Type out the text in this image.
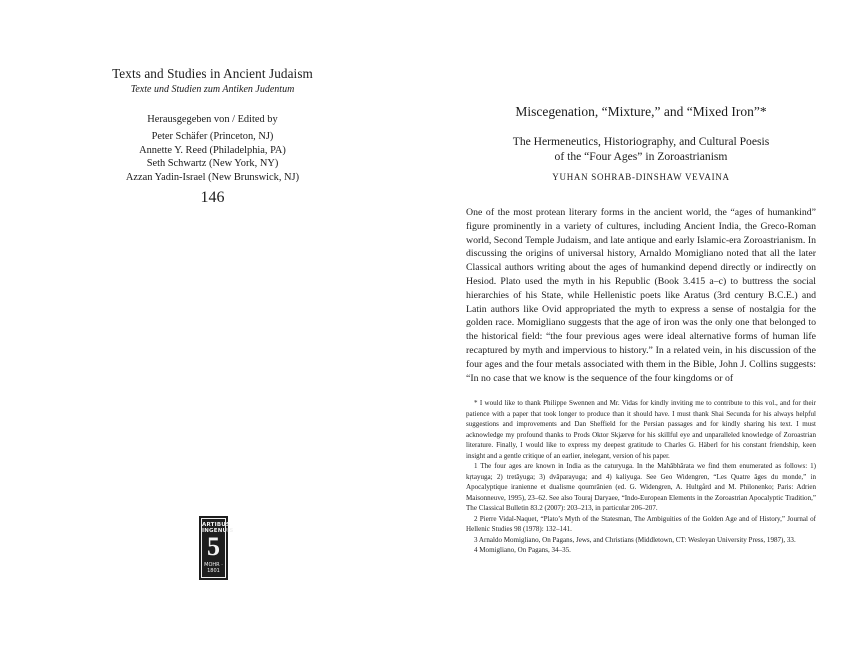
Texts and Studies in Ancient Judaism
Texte und Studien zum Antiken Judentum
Herausgegeben von / Edited by
Peter Schäfer (Princeton, NJ)
Annette Y. Reed (Philadelphia, PA)
Seth Schwartz (New York, NY)
Azzan Yadin-Israel (New Brunswick, NJ)
146
ARTIBUS INGENUIS
5
MOHR · 1801
Miscegenation, “Mixture,” and “Mixed Iron”*
The Hermeneutics, Historiography, and Cultural Poesis
of the “Four Ages” in Zoroastrianism
YUHAN SOHRAB-DINSHAW VEVAINA

One of the most protean literary forms in the ancient world, the “ages of humankind” figure prominently in a variety of cultures, including Ancient India, the Greco-Roman world, Second Temple Judaism, and late antique and early Islamic-era Zoroastrianism. In discussing the origins of universal history, Arnaldo Momigliano noted that all the later Classical authors writing about the ages of humankind depend directly or indirectly on Hesiod. Plato used the myth in his Republic (Book 3.415 a–c) to buttress the social hierarchies of his State, while Hellenistic poets like Aratus (3rd century B.C.E.) and Latin authors like Ovid appropriated the myth to express a sense of nostalgia for the golden race. Momigliano suggests that the age of iron was the only one that belonged to the historical field: “the four previous ages were ideal alternative forms of human life recaptured by myth and impervious to history.” In a related vein, in his discussion of the four ages and the four metals associated with them in the Bible, John J. Collins suggests: “In no case that we know is the sequence of the four kingdoms or of

* I would like to thank Philippe Swennen and Mr. Vidas for kindly inviting me to contribute to this vol., and for their patience with a paper that took longer to produce than it should have. I must thank Shai Secunda for his always helpful suggestions and improvements and Dan Sheffield for the Persian passages and for kindly sharing his text. I must acknowledge my profound thanks to Prods Oktor Skjærvø for his skillful eye and unparalleled knowledge of Zoroastrian literature. Finally, I would like to express my deepest gratitude to Charles G. Häberl for his constant friendship, keen insight and a gentle critique of an earlier, inelegant, version of his paper.

1 The four ages are known in India as the caturyuga. In the Mahābhārata we find them enumerated as follows: 1) kṛtayuga; 2) tretāyuga; 3) dvāparayuga; and 4) kaliyuga. See Geo Widengren, “Les Quatre âges du monde,” in Apocalyptique iranienne et dualisme qoumrânien (ed. G. Widengren, A. Hultgård and M. Philonenko; Paris: Adrien Maisonneuve, 1995), 23–62. See also Touraj Daryaee, “Indo-European Elements in the Zoroastrian Apocalyptic Tradition,” The Classical Bulletin 83.2 (2007): 203–213, in particular 206–207.

2 Pierre Vidal-Naquet, “Plato’s Myth of the Statesman, The Ambiguities of the Golden Age and of History,” Journal of Hellenic Studies 98 (1978): 132–141.

3 Arnaldo Momigliano, On Pagans, Jews, and Christians (Middletown, CT: Wesleyan University Press, 1987), 33.

4 Momigliano, On Pagans, 34–35.
